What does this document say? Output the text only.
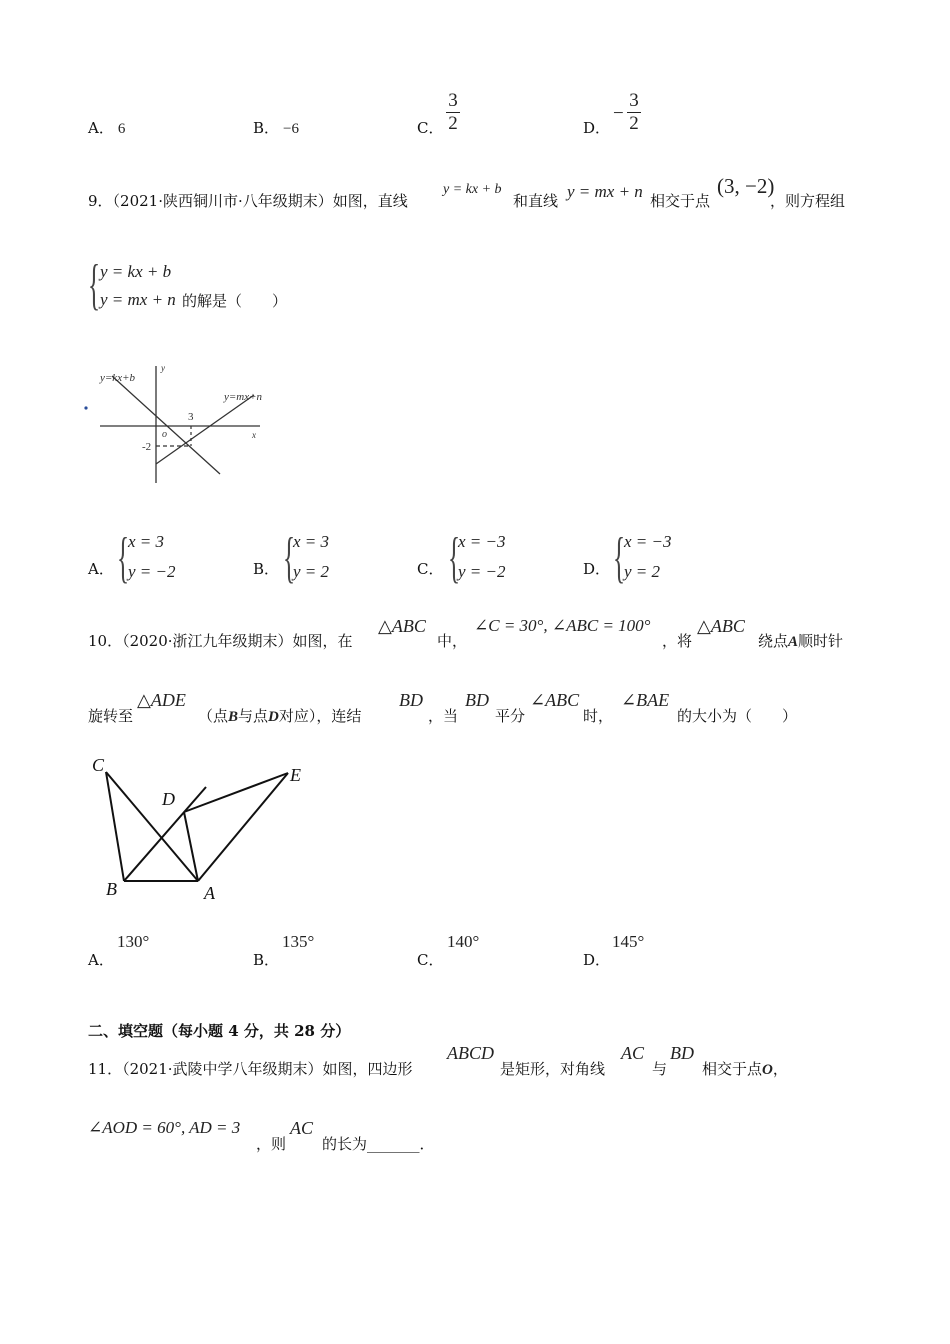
A． 6	B． −6	C．
3
2	D．
−
3
2
9．（2021·陕西铜川市·八年级期末）如图，直线
y = kx + b
和直线 y = mx + n 相交于点
(3, −2)
，则方程组
{ y = kx + b
y = mx + n 的解是（　　）
y=kx+b
y=mx+n
y
x
o
3
-2
A． {
x = 3
y = −2	B． {
x = 3
y = 2	C． {
x = −3
y = −2	D． {
x = −3
y = 2
10．（2020·浙江九年级期末）如图，在
△ABC
中，
∠C = 30°, ∠ABC = 100°
，将
△ABC
绕点A顺时针
旋转至
△ADE
（点B与点D对应），连结
BD
，当
BD
平分
∠ABC
时，
∠BAE
的大小为（　　）
C
D
E
B	A
A．
130°
B．
135°
C．
140°
D．
145°
二、填空题（每小题 4 分，共 28 分）
11．（2021·武陵中学八年级期末）如图，四边形
ABCD
是矩形，对角线
AC
与
BD
相交于点O，
∠AOD = 60°, AD = 3
，则
AC
的长为_______．
